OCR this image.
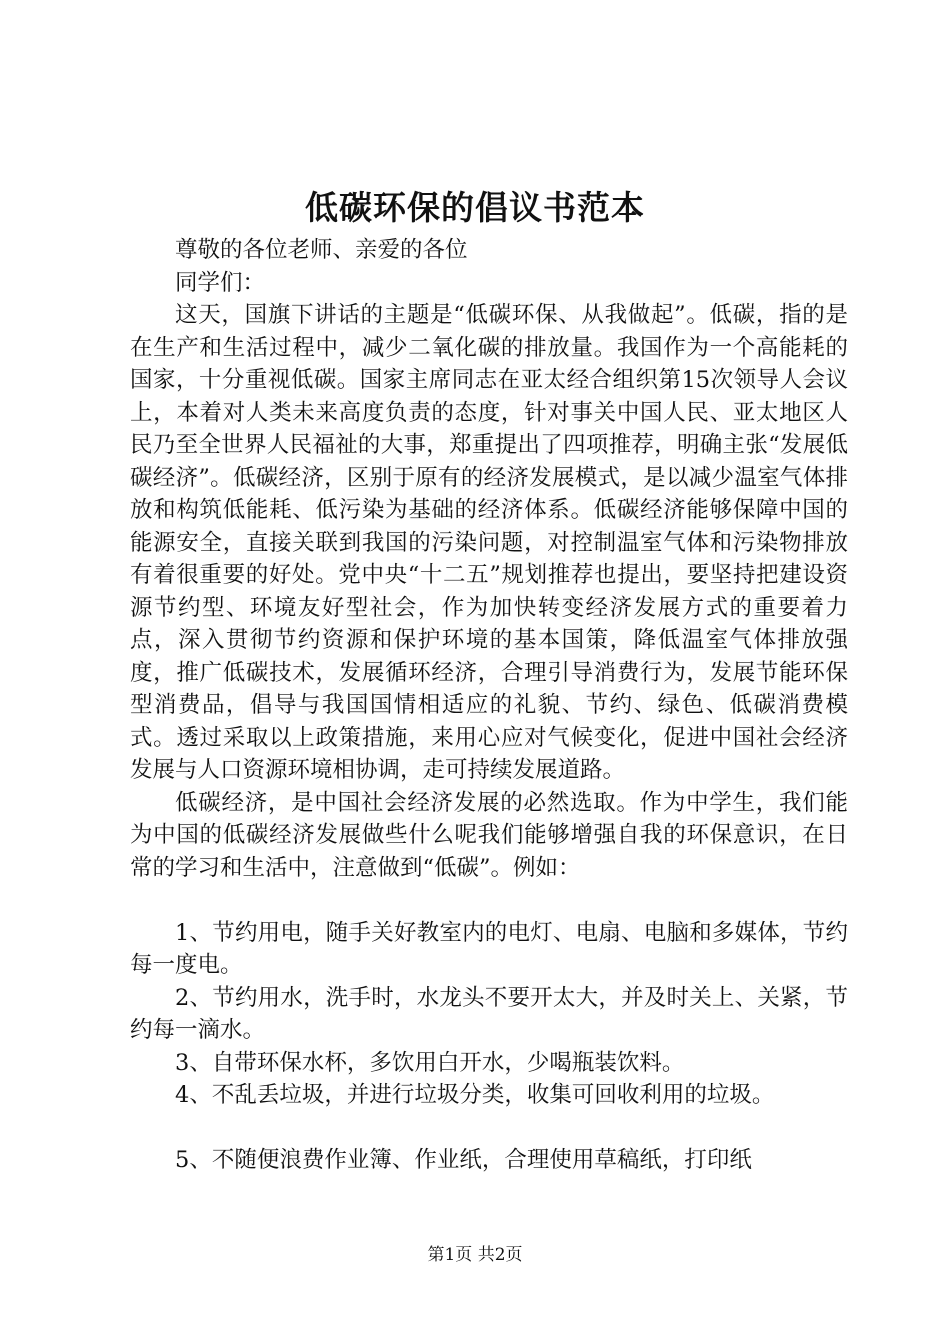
低碳环保的倡议书范本

尊敬的各位老师、亲爱的各位

同学们：

这天，国旗下讲话的主题是“低碳环保、从我做起”。低碳，指的是在生产和生活过程中，减少二氧化碳的排放量。我国作为一个高能耗的国家，十分重视低碳。国家主席同志在亚太经合组织第15次领导人会议上，本着对人类未来高度负责的态度，针对事关中国人民、亚太地区人民乃至全世界人民福祉的大事，郑重提出了四项推荐，明确主张“发展低碳经济”。低碳经济，区别于原有的经济发展模式，是以减少温室气体排放和构筑低能耗、低污染为基础的经济体系。低碳经济能够保障中国的能源安全，直接关联到我国的污染问题，对控制温室气体和污染物排放有着很重要的好处。党中央“十二五”规划推荐也提出，要坚持把建设资源节约型、环境友好型社会，作为加快转变经济发展方式的重要着力点，深入贯彻节约资源和保护环境的基本国策，降低温室气体排放强度，推广低碳技术，发展循环经济，合理引导消费行为，发展节能环保型消费品，倡导与我国国情相适应的礼貌、节约、绿色、低碳消费模式。透过采取以上政策措施，来用心应对气候变化，促进中国社会经济发展与人口资源环境相协调，走可持续发展道路。

低碳经济，是中国社会经济发展的必然选取。作为中学生，我们能为中国的低碳经济发展做些什么呢我们能够增强自我的环保意识，在日常的学习和生活中，注意做到“低碳”。例如：

1、节约用电，随手关好教室内的电灯、电扇、电脑和多媒体，节约每一度电。

2、节约用水，洗手时，水龙头不要开太大，并及时关上、关紧，节约每一滴水。

3、自带环保水杯，多饮用白开水，少喝瓶装饮料。

4、不乱丢垃圾，并进行垃圾分类，收集可回收利用的垃圾。

5、不随便浪费作业簿、作业纸，合理使用草稿纸，打印纸

第1页 共2页
